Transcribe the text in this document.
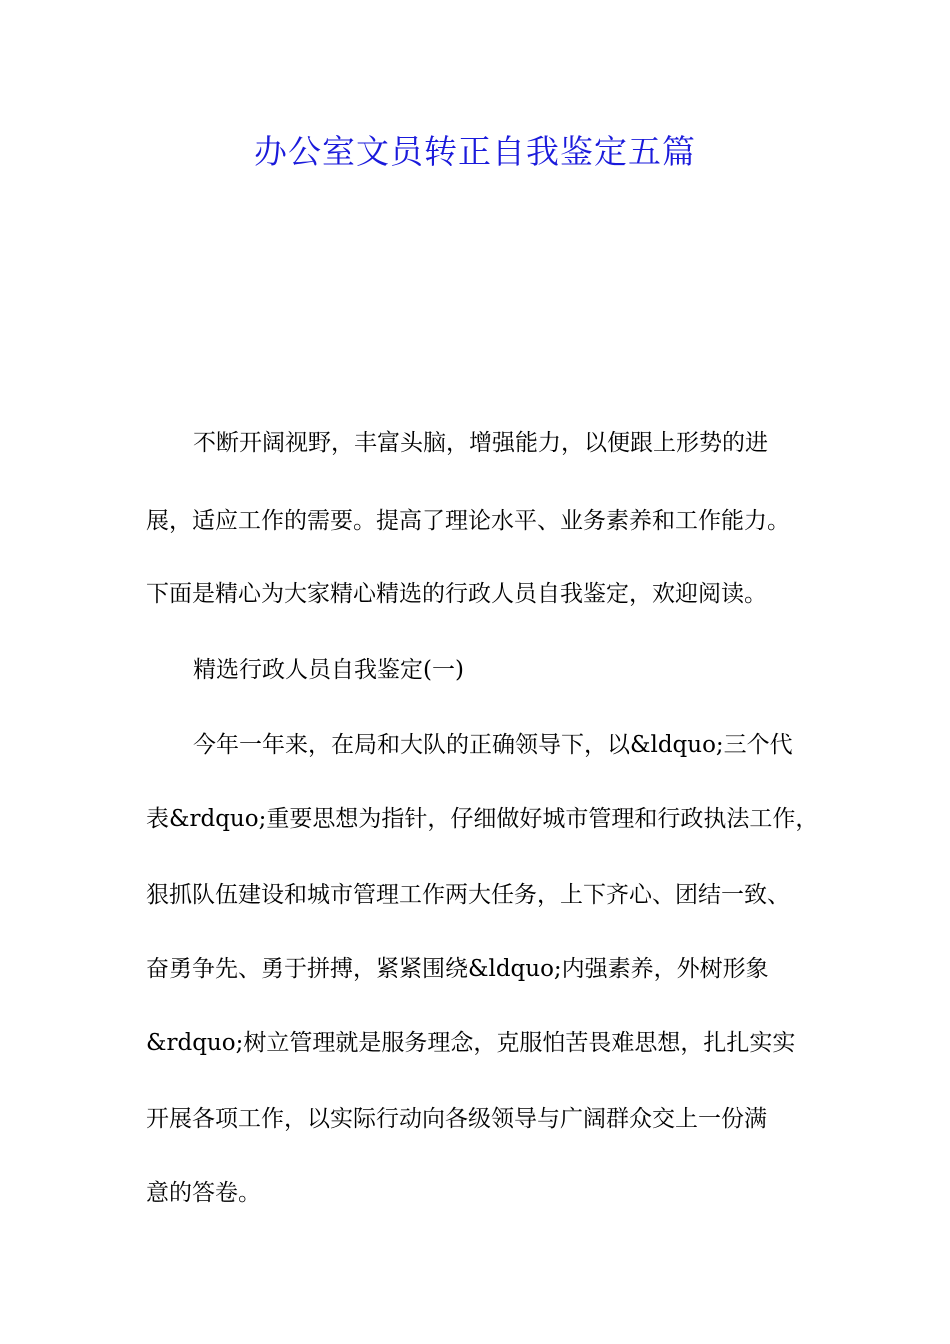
办公室文员转正自我鉴定五篇

不断开阔视野，丰富头脑，增强能力，以便跟上形势的进

展，适应工作的需要。提高了理论水平、业务素养和工作能力。

下面是精心为大家精心精选的行政人员自我鉴定，欢迎阅读。

精选行政人员自我鉴定(一)

今年一年来，在局和大队的正确领导下，以&ldquo;三个代

表&rdquo;重要思想为指针，仔细做好城市管理和行政执法工作，

狠抓队伍建设和城市管理工作两大任务，上下齐心、团结一致、

奋勇争先、勇于拼搏，紧紧围绕&ldquo;内强素养，外树形象

&rdquo;树立管理就是服务理念，克服怕苦畏难思想，扎扎实实

开展各项工作，以实际行动向各级领导与广阔群众交上一份满

意的答卷。
